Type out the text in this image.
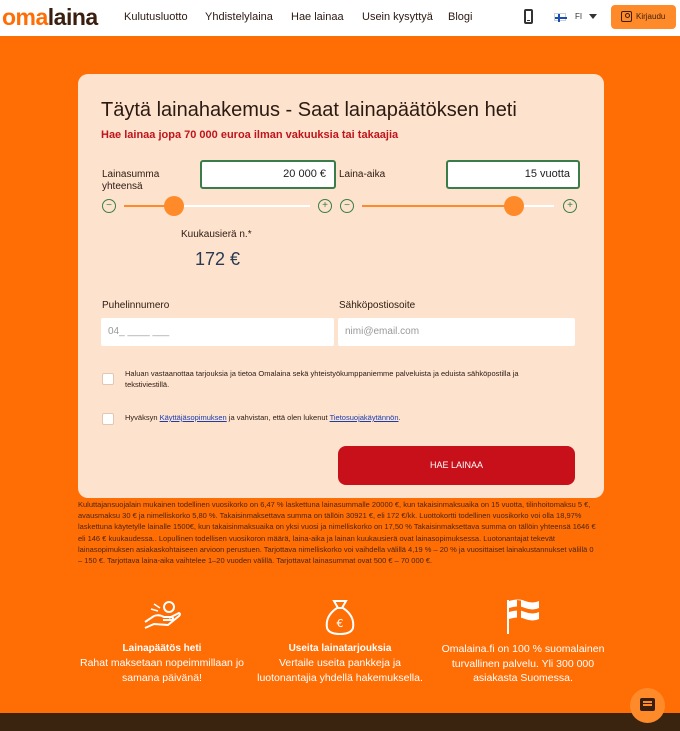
omalaina Kulutusluotto Yhdistelylaina Hae lainaa Usein kysyttyä Blogi	FI	Kirjaudu
Täytä lainahakemus - Saat lainapäätöksen heti
Hae lainaa jopa 70 000 euroa ilman vakuuksia tai takaajia
Lainasumma yhteensä
20 000 €
−	+
Laina-aika	15 vuotta
−	+
Kuukausierä n.*
172 €
Puhelinnumero
04_ ____ ___
Sähköpostiosoite
nimi@email.com
Haluan vastaanottaa tarjouksia ja tietoa Omalaina sekä yhteistyökumppaniemme palveluista ja eduista sähköpostilla ja tekstiviestillä.
Hyväksyn Käyttäjäsopimuksen ja vahvistan, että olen lukenut Tietosuojakäytännön.
HAE LAINAA
Kuluttajansuojalain mukainen todellinen vuosikorko on 6,47 % laskettuna lainasummalle 20000 €, kun takaisinmaksuaika on 15 vuotta, tilinhoitomaksu 5 €, avausmaksu 30 € ja nimelliskorko 5,80 %. Takaisinmaksettava summa on tällöin 30921 €, eli 172 €/kk. Luottokortti todellinen vuosikorko voi olla 18,97% laskettuna käytetylle lainalle 1500€, kun takaisinmaksuaika on yksi vuosi ja nimelliskorko on 17,50 % Takaisinmaksettava summa on tällöin yhteensä 1646 € eli 146 € kuukaudessa.. Lopullinen todellisen vuosikoron määrä, laina-aika ja lainan kuukausierä ovat lainasopimuksessa. Luotonantajat tekevät lainasopimuksen asiakaskohtaiseen arvioon perustuen. Tarjottava nimelliskorko voi vaihdella välillä 4,19 % – 20 % ja vuosittaiset lainakustannukset välillä 0 – 150 €. Tarjottava laina-aika vaihtelee 1–20 vuoden välillä. Tarjottavat lainasummat ovat 500 € – 70 000 €.
Lainapäätös heti
Rahat maksetaan nopeimmillaan jo samana päivänä!
€
Useita lainatarjouksia
Vertaile useita pankkeja ja luotonantajia yhdellä hakemuksella.
Omalaina.fi on 100 % suomalainen turvallinen palvelu. Yli 300 000 asiakasta Suomessa.
